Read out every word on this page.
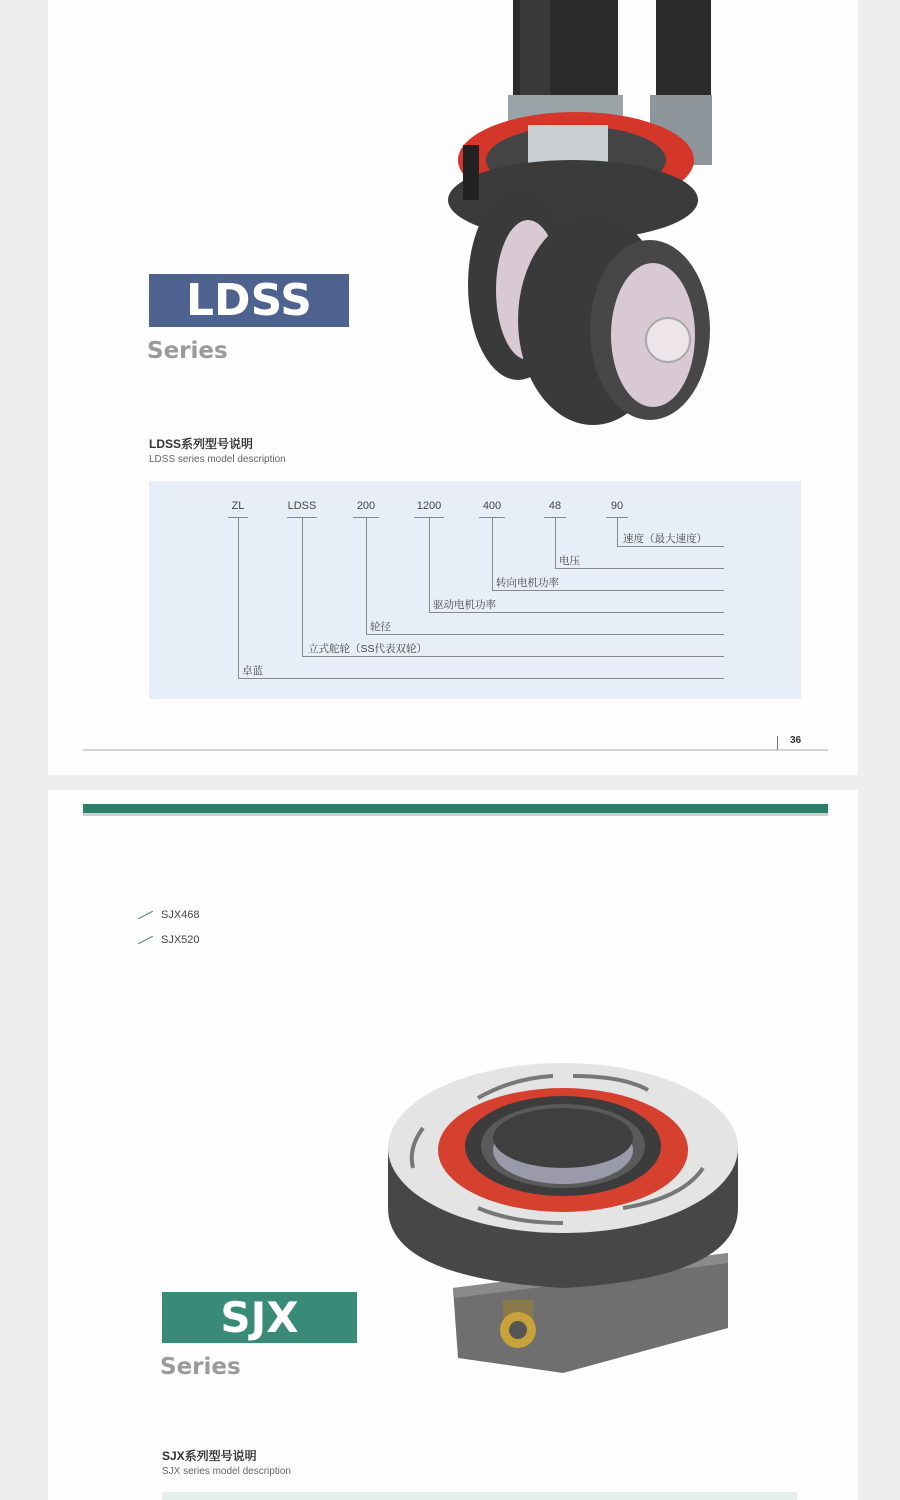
LDSS
Series
LDSS系列型号说明
LDSS series model description
ZL	LDSS	200	1200	400	48	90
速度（最大速度）
电压
转向电机功率
驱动电机功率
轮径
立式舵轮（SS代表双轮）
卓蓝
36
SJX468
SJX520
SJX
Series
SJX系列型号说明
SJX series model description
